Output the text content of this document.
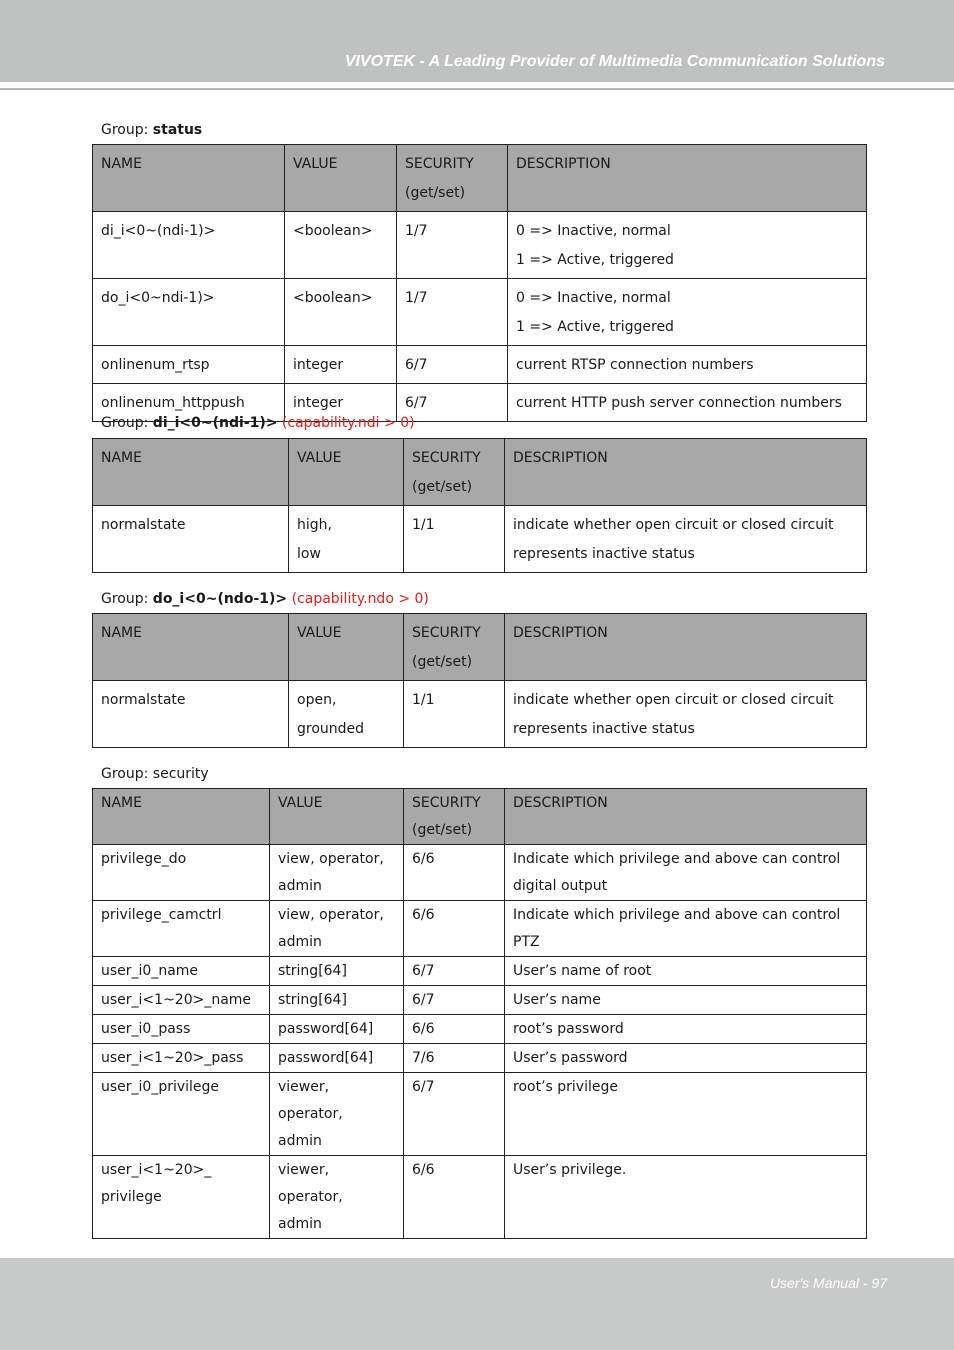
VIVOTEK - A Leading Provider of Multimedia Communication Solutions
Group: status
NAME	VALUE	SECURITY
(get/set)	DESCRIPTION

di_i<0~(ndi-1)>	<boolean>	1/7	0 => Inactive, normal
1 => Active, triggered

do_i<0~ndi-1)>	<boolean>	1/7	0 => Inactive, normal
1 => Active, triggered

onlinenum_rtsp	integer	6/7	current RTSP connection numbers

onlinenum_httppush	integer	6/7	current HTTP push server connection numbers
Group: di_i<0~(ndi-1)> (capability.ndi > 0)
NAME	VALUE	SECURITY
(get/set)	DESCRIPTION

normalstate	high,
low	1/1	indicate whether open circuit or closed circuit
represents inactive status
Group: do_i<0~(ndo-1)> (capability.ndo > 0)
NAME	VALUE	SECURITY
(get/set)	DESCRIPTION

normalstate	open,
grounded	1/1	indicate whether open circuit or closed circuit
represents inactive status
Group: security
NAME	VALUE	SECURITY
(get/set)	DESCRIPTION

privilege_do	view, operator,
admin	6/6	Indicate which privilege and above can control
digital output

privilege_camctrl	view, operator,
admin	6/6	Indicate which privilege and above can control
PTZ

user_i0_name	string[64]	6/7	User’s name of root

user_i<1~20>_name	string[64]	6/7	User’s name

user_i0_pass	password[64]	6/6	root’s password

user_i<1~20>_pass	password[64]	7/6	User’s password

user_i0_privilege	viewer,
operator,
admin	6/7	root’s privilege

user_i<1~20>_
privilege	viewer,
operator,
admin	6/6	User’s privilege.
User's Manual - 97
